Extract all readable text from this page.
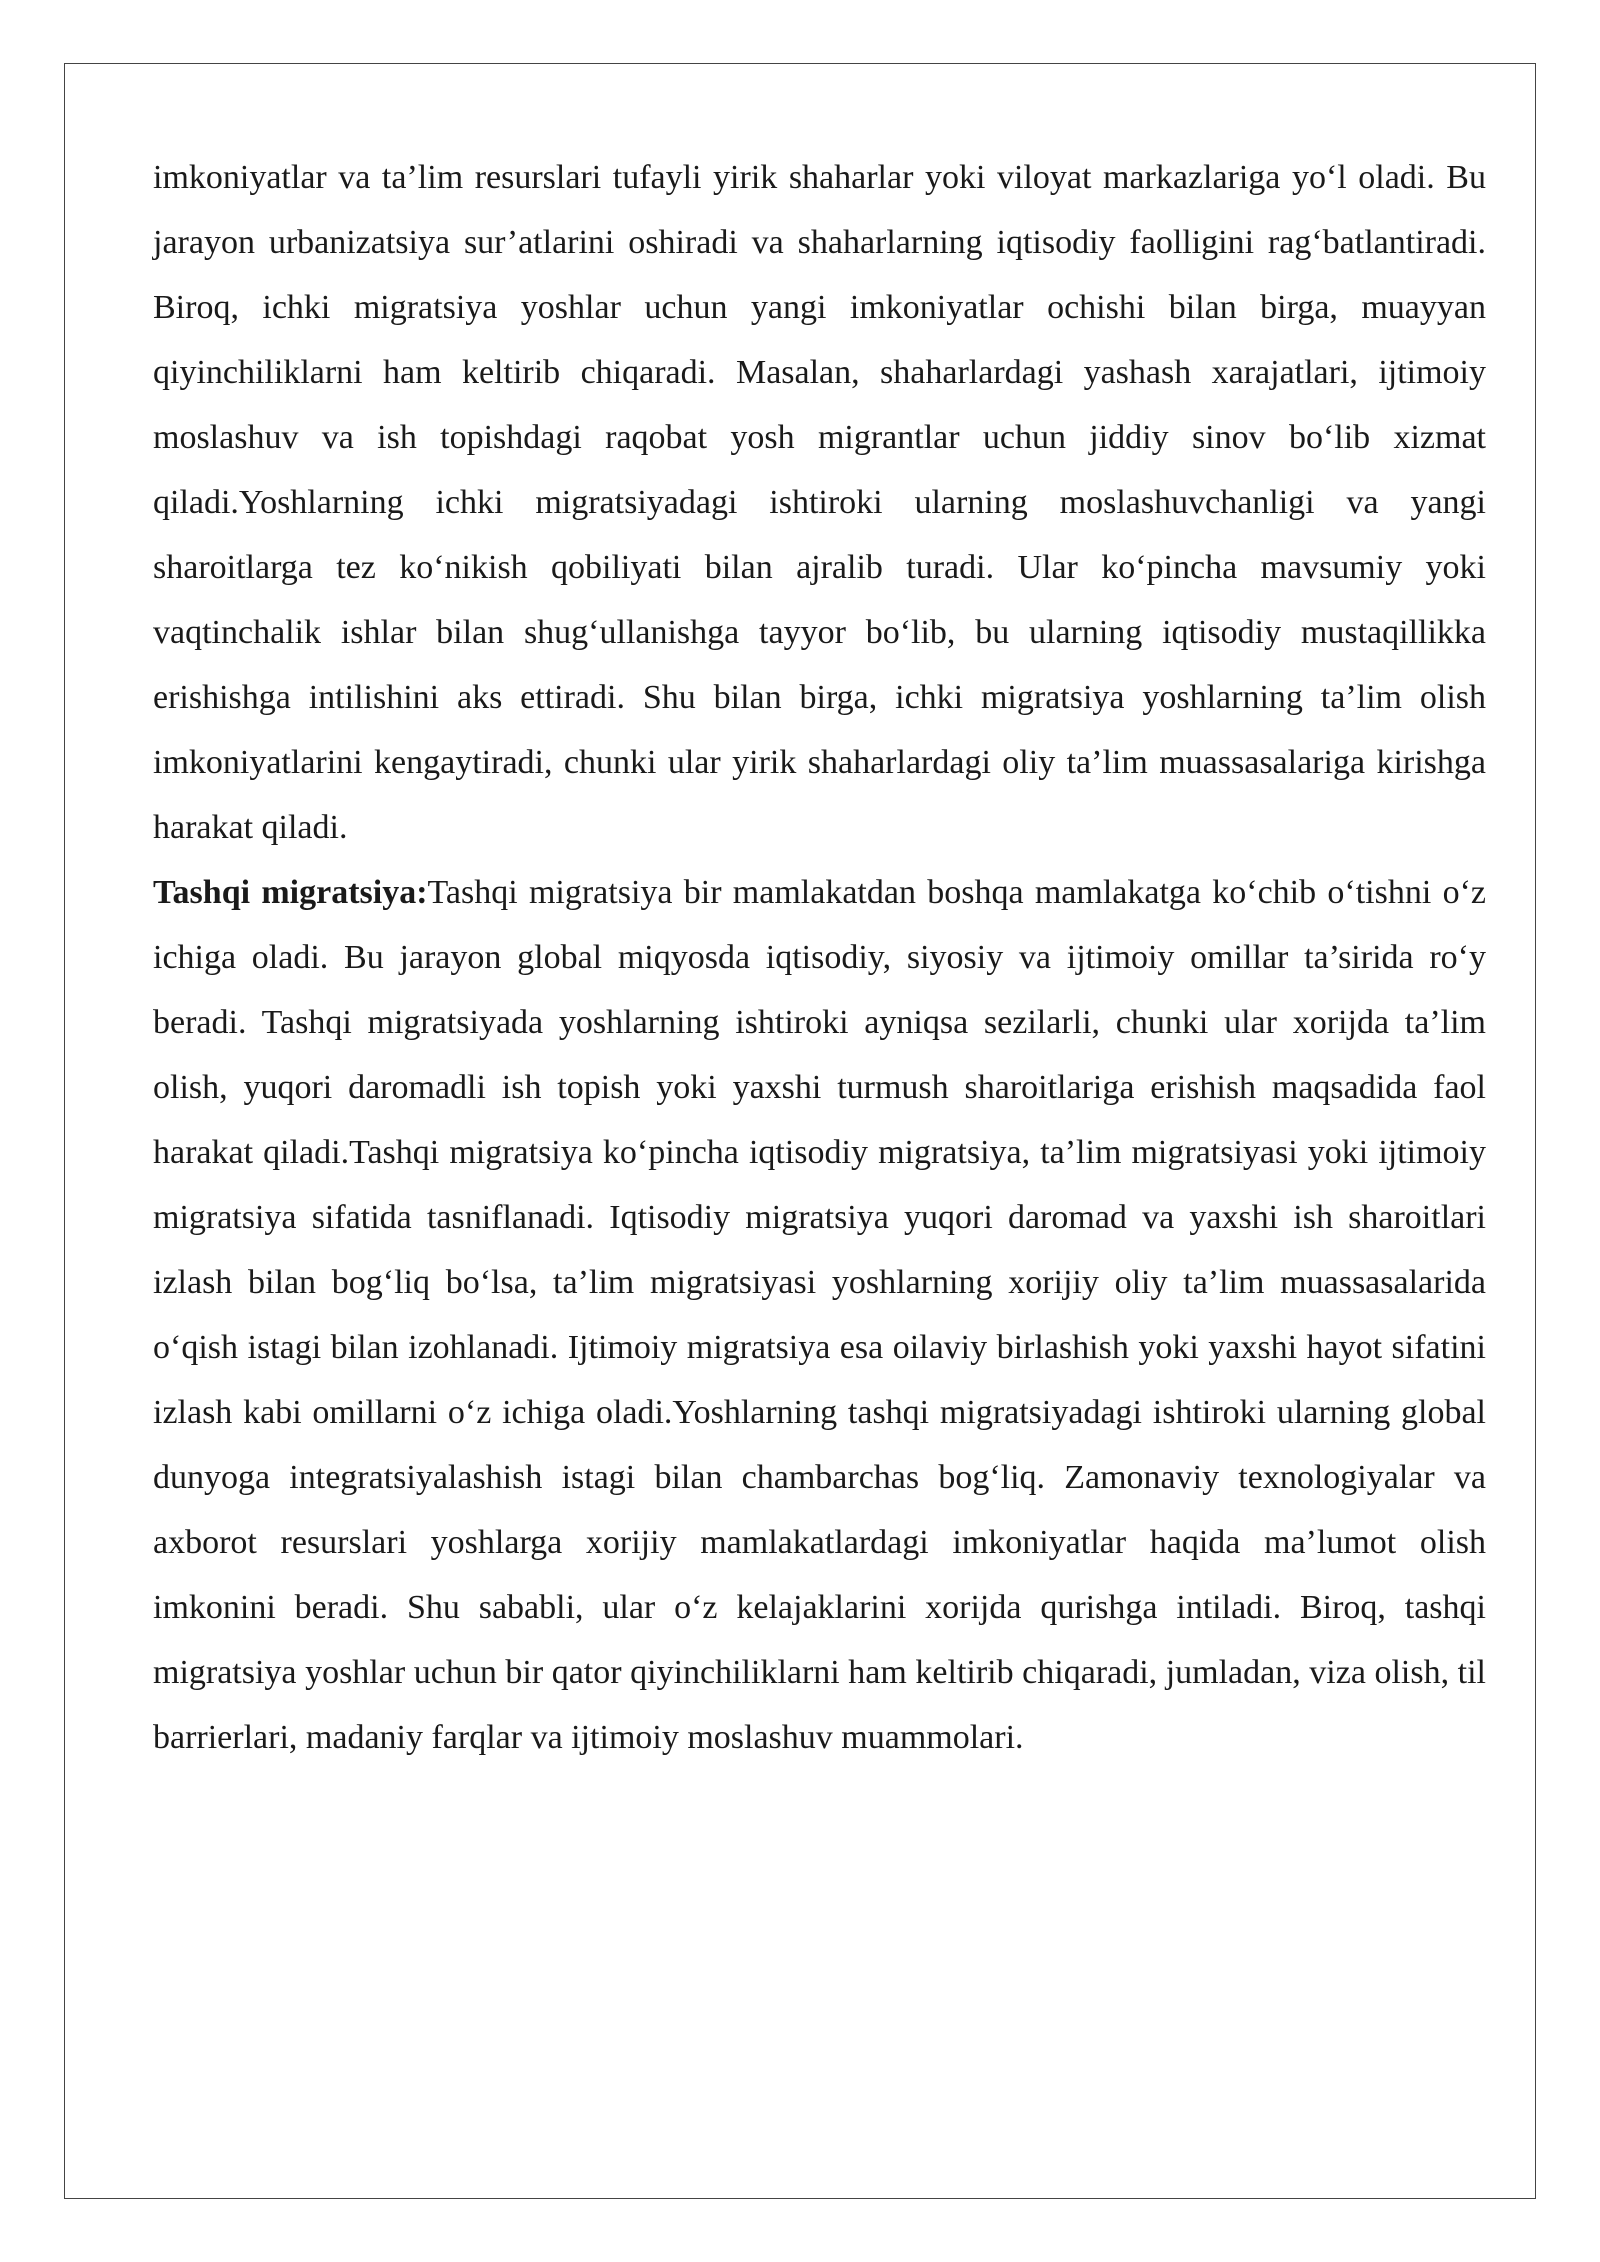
imkoniyatlar va ta’lim resurslari tufayli yirik shaharlar yoki viloyat markazlariga yo‘l oladi. Bu jarayon urbanizatsiya sur’atlarini oshiradi va shaharlarning iqtisodiy faolligini rag‘batlantiradi. Biroq, ichki migratsiya yoshlar uchun yangi imkoniyatlar ochishi bilan birga, muayyan qiyinchiliklarni ham keltirib chiqaradi. Masalan, shaharlardagi yashash xarajatlari, ijtimoiy moslashuv va ish topishdagi raqobat yosh migrantlar uchun jiddiy sinov bo‘lib xizmat qiladi.Yoshlarning ichki migratsiyadagi ishtiroki ularning moslashuvchanligi va yangi sharoitlarga tez ko‘nikish qobiliyati bilan ajralib turadi. Ular ko‘pincha mavsumiy yoki vaqtinchalik ishlar bilan shug‘ullanishga tayyor bo‘lib, bu ularning iqtisodiy mustaqillikka erishishga intilishini aks ettiradi. Shu bilan birga, ichki migratsiya yoshlarning ta’lim olish imkoniyatlarini kengaytiradi, chunki ular yirik shaharlardagi oliy ta’lim muassasalariga kirishga harakat qiladi.

Tashqi migratsiya:Tashqi migratsiya bir mamlakatdan boshqa mamlakatga ko‘chib o‘tishni o‘z ichiga oladi. Bu jarayon global miqyosda iqtisodiy, siyosiy va ijtimoiy omillar ta’sirida ro‘y beradi. Tashqi migratsiyada yoshlarning ishtiroki ayniqsa sezilarli, chunki ular xorijda ta’lim olish, yuqori daromadli ish topish yoki yaxshi turmush sharoitlariga erishish maqsadida faol harakat qiladi.Tashqi migratsiya ko‘pincha iqtisodiy migratsiya, ta’lim migratsiyasi yoki ijtimoiy migratsiya sifatida tasniflanadi. Iqtisodiy migratsiya yuqori daromad va yaxshi ish sharoitlari izlash bilan bog‘liq bo‘lsa, ta’lim migratsiyasi yoshlarning xorijiy oliy ta’lim muassasalarida o‘qish istagi bilan izohlanadi. Ijtimoiy migratsiya esa oilaviy birlashish yoki yaxshi hayot sifatini izlash kabi omillarni o‘z ichiga oladi.Yoshlarning tashqi migratsiyadagi ishtiroki ularning global dunyoga integratsiyalashish istagi bilan chambarchas bog‘liq. Zamonaviy texnologiyalar va axborot resurslari yoshlarga xorijiy mamlakatlardagi imkoniyatlar haqida ma’lumot olish imkonini beradi. Shu sababli, ular o‘z kelajaklarini xorijda qurishga intiladi. Biroq, tashqi migratsiya yoshlar uchun bir qator qiyinchiliklarni ham keltirib chiqaradi, jumladan, viza olish, til barrierlari, madaniy farqlar va ijtimoiy moslashuv muammolari.
